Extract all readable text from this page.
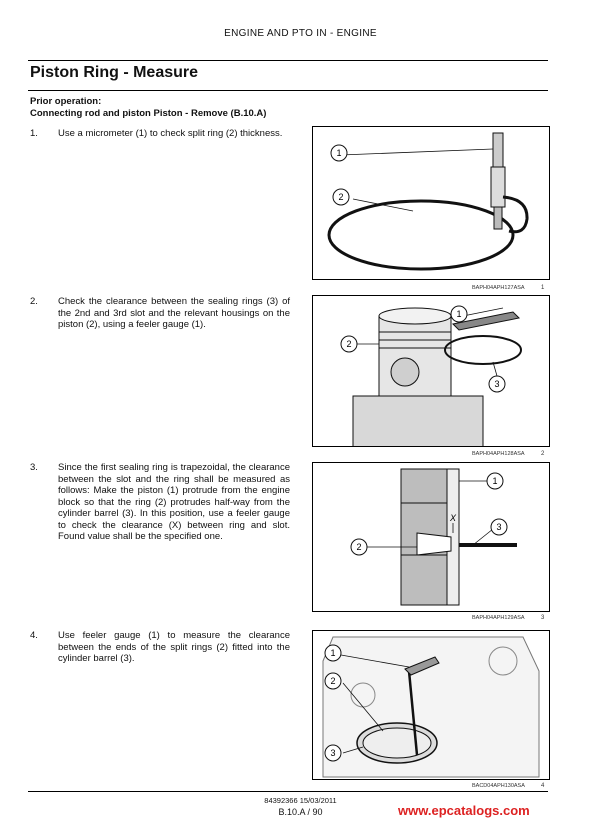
ENGINE AND PTO IN - ENGINE
Piston Ring - Measure
Prior operation:
Connecting rod and piston Piston - Remove (B.10.A)
1. Use a micrometer (1) to check split ring (2) thickness.
1
2
BAPH04APH127ASA	1
2. Check the clearance between the sealing rings (3) of the 2nd and 3rd slot and the relevant housings on the piston (2), using a feeler gauge (1).
2
1
3
BAPH04APH128ASA	2
3. Since the first sealing ring is trapezoidal, the clearance between the slot and the ring shall be measured as follows: Make the piston (1) protrude from the engine block so that the ring (2) protrudes half-way from the cylinder barrel (3). In this position, use a feeler gauge to check the clearance (X) between ring and slot. Found value shall be the specified one.
X
1
2
3
BAPH04APH129ASA	3
4. Use feeler gauge (1) to measure the clearance between the ends of the split rings (2) fitted into the cylinder barrel (3).	1
2
3
BACD04APH130ASA	4
84392366 15/03/2011
B.10.A / 90	www.epcatalogs.com
